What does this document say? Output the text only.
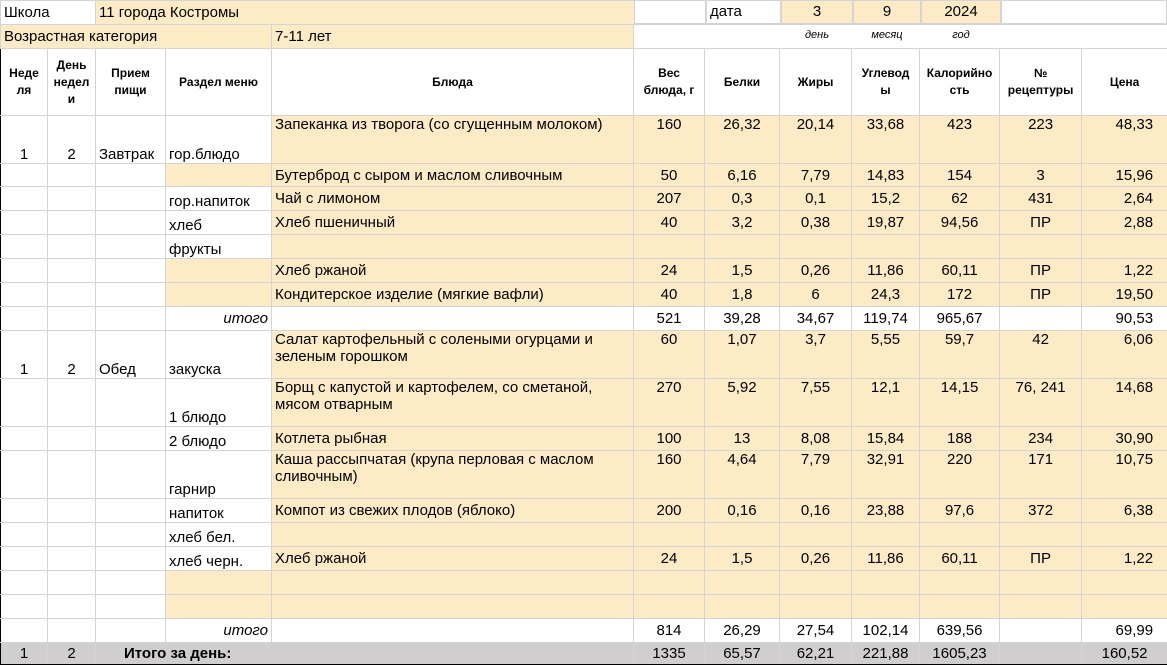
Школа		11 города Костромы								
Возрастная категория				7-11 лет							
Неде ля	День недел и	Прием пищи	Раздел меню	Блюда	Вес блюда, г	Белки	Жиры	Углевод ы	Калорийно сть	№ рецептуры	Цена
1	2	Завтрак	гор.блюдо	Запеканка из творога (со сгущенным молоком)	160	26,32	20,14	33,68	423	223	48,33
				Бутерброд с сыром и маслом сливочным	50	6,16	7,79	14,83	154	3	15,96
			гор.напиток	Чай с лимоном	207	0,3	0,1	15,2	62	431	2,64
			хлеб	Хлеб пшеничный	40	3,2	0,38	19,87	94,56	ПР	2,88
			фрукты								
				Хлеб ржаной	24	1,5	0,26	11,86	60,11	ПР	1,22
				Кондитерское изделие (мягкие вафли)	40	1,8	6	24,3	172	ПР	19,50
			итого		521	39,28	34,67	119,74	965,67		90,53
1	2	Обед	закуска	Салат картофельный с солеными огурцами и зеленым горошком	60	1,07	3,7	5,55	59,7	42	6,06
			1 блюдо	Борщ с капустой и картофелем, со сметаной, мясом отварным	270	5,92	7,55	12,1	14,15	76, 241	14,68
			2 блюдо	Котлета рыбная	100	13	8,08	15,84	188	234	30,90
			гарнир	Каша рассыпчатая (крупа перловая с маслом сливочным)	160	4,64	7,79	32,91	220	171	10,75
			напиток	Компот из свежих плодов (яблоко)	200	0,16	0,16	23,88	97,6	372	6,38
			хлеб бел.								
			хлеб черн.	Хлеб ржаной	24	1,5	0,26	11,86	60,11	ПР	1,22

			итого		814	26,29	27,54	102,14	639,56		69,99
1	2	Итого за день:			1335	65,57	62,21	221,88	1605,23		160,52
дата	3	9	2024
день	месяц	год
